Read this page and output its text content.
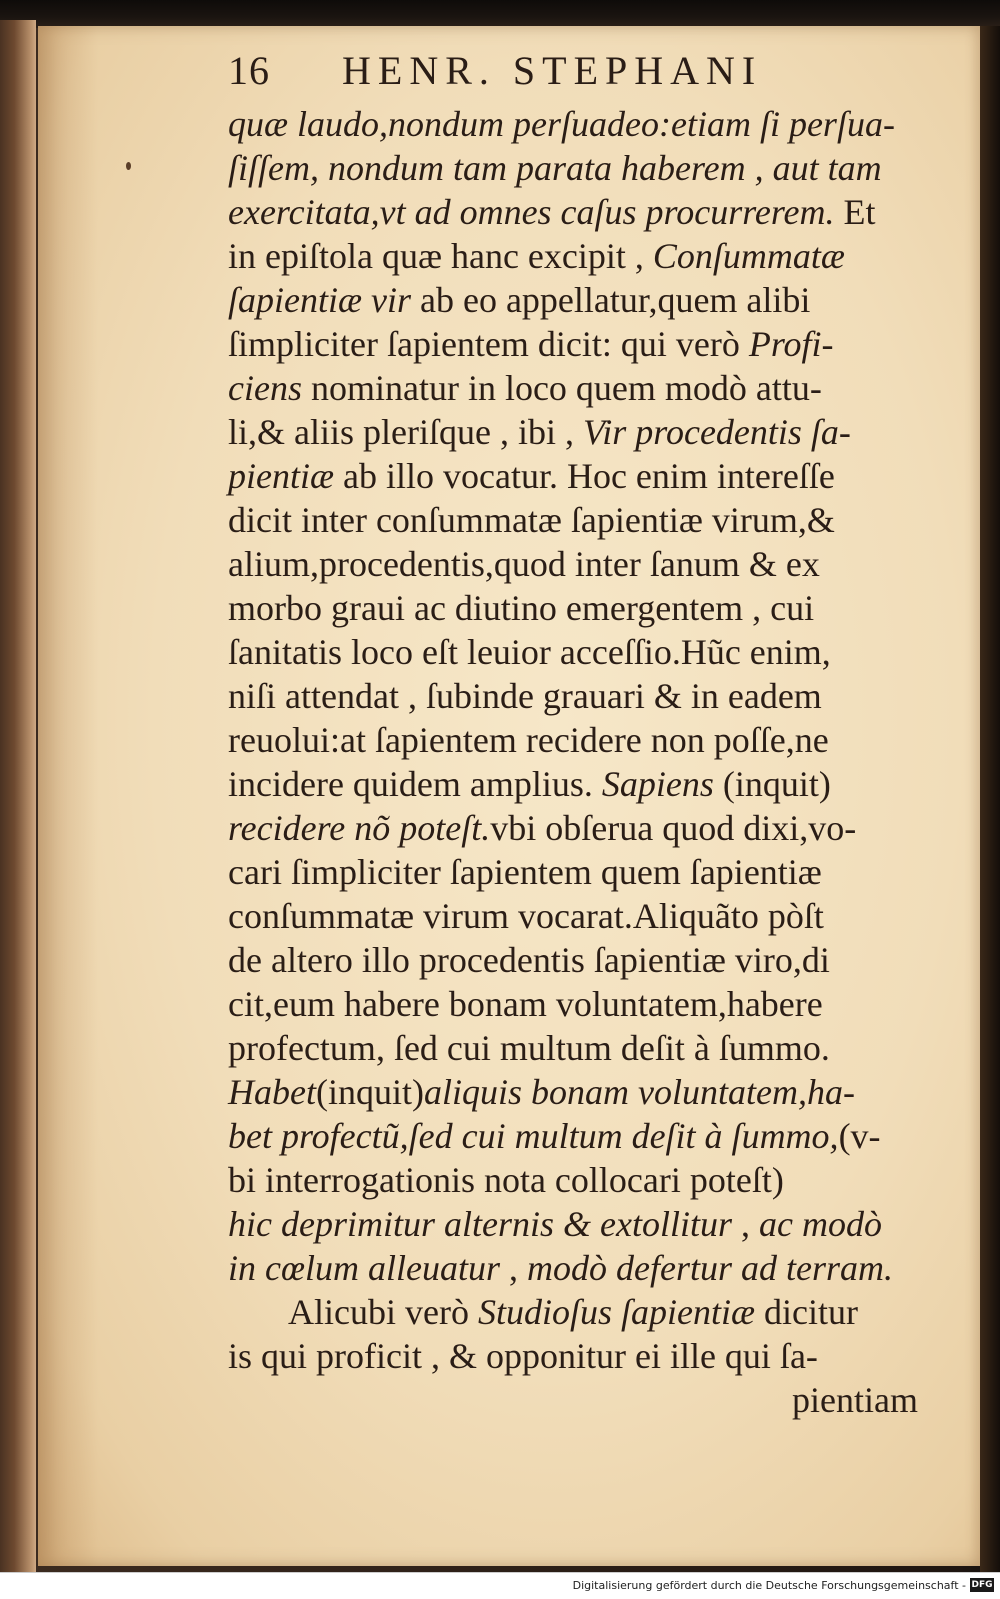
16 HENR. STEPHANI
quæ laudo,nondum perſuadeo:etiam ſi perſua-
ſiſſem, nondum tam parata haberem , aut tam
exercitata,vt ad omnes caſus procurrerem. Et
in epiſtola quæ hanc excipit , Conſummatæ
ſapientiæ vir ab eo appellatur,quem alibi
ſimpliciter ſapientem dicit: qui verò Profi-
ciens nominatur in loco quem modò attu-
li,& aliis pleriſque , ibi , Vir procedentis ſa-
pientiæ ab illo vocatur. Hoc enim intereſſe
dicit inter conſummatæ ſapientiæ virum,&
alium,procedentis,quod inter ſanum & ex
morbo graui ac diutino emergentem , cui
ſanitatis loco eſt leuior acceſſio.Hũc enim,
niſi attendat , ſubinde grauari & in eadem
reuolui:at ſapientem recidere non poſſe,ne
incidere quidem amplius. Sapiens (inquit)
recidere nõ poteſt.vbi obſerua quod dixi,vo-
cari ſimpliciter ſapientem quem ſapientiæ
conſummatæ virum vocarat.Aliquãto pòſt
de altero illo procedentis ſapientiæ viro,di
cit,eum habere bonam voluntatem,habere
profectum, ſed cui multum deſit à ſummo.
Habet(inquit)aliquis bonam voluntatem,ha-
bet profectũ,ſed cui multum deſit à ſummo,(v-
bi interrogationis nota collocari poteſt)
hic deprimitur alternis & extollitur , ac modò
in cœlum alleuatur , modò defertur ad terram.
Alicubi verò Studioſus ſapientiæ dicitur
is qui proficit , & opponitur ei ille qui ſa-
pientiam
Digitalisierung gefördert durch die Deutsche Forschungsgemeinschaft - DFG
